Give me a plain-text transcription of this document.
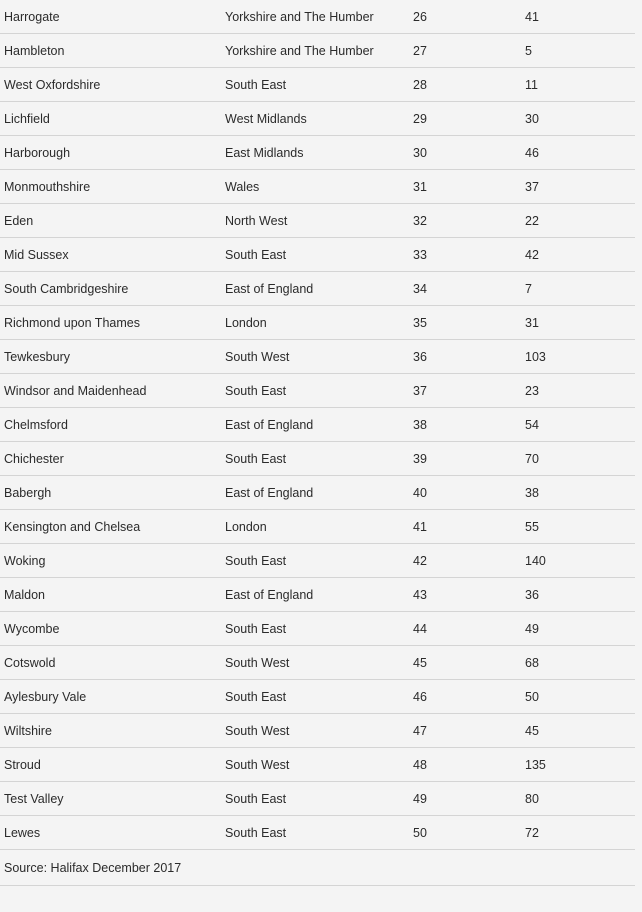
Harrogate	Yorkshire and The Humber	26	41
Hambleton	Yorkshire and The Humber	27	5
West Oxfordshire	South East	28	11
Lichfield	West Midlands	29	30
Harborough	East Midlands	30	46
Monmouthshire	Wales	31	37
Eden	North West	32	22
Mid Sussex	South East	33	42
South Cambridgeshire	East of England	34	7
Richmond upon Thames	London	35	31
Tewkesbury	South West	36	103
Windsor and Maidenhead	South East	37	23
Chelmsford	East of England	38	54
Chichester	South East	39	70
Babergh	East of England	40	38
Kensington and Chelsea	London	41	55
Woking	South East	42	140
Maldon	East of England	43	36
Wycombe	South East	44	49
Cotswold	South West	45	68
Aylesbury Vale	South East	46	50
Wiltshire	South West	47	45
Stroud	South West	48	135
Test Valley	South East	49	80
Lewes	South East	50	72
Source: Halifax December 2017
